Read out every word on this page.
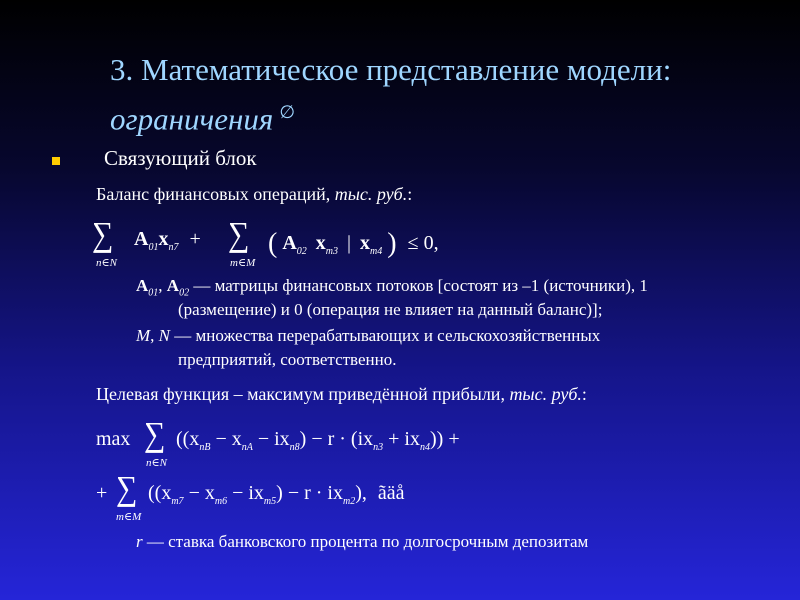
3. Математическое представление модели:
ограничения ∅
Связующий блок
Баланс финансовых операций, тыс. руб.:
∑
n∈N
$A_{01}x_{n7}$ + ∑
m∈M
( $A_{02}$ $x_{m3}$ | $x_{m4}$ ) ≤ 0,
$A_{01}$, $A_{02}$ — матрицы финансовых потоков [состоят из –1 (источники), 1
(размещение) и 0 (операция не влияет на данный баланс)];
M, N — множества перерабатывающих и сельскохозяйственных
предприятий, соответственно.
Целевая функция – максимум приведённой прибыли, тыс. руб.:
max ∑
n∈N
$((x_{nB} - x_{nA} - ix_{n8}) - r \cdot (ix_{n3} + ix_{n4}))$ +
+ ∑
m∈M
$((x_{m7} - x_{m6} - ix_{m5}) - r \cdot ix_{m2})$, ãäå
r — ставка банковского процента по долгосрочным депозитам
